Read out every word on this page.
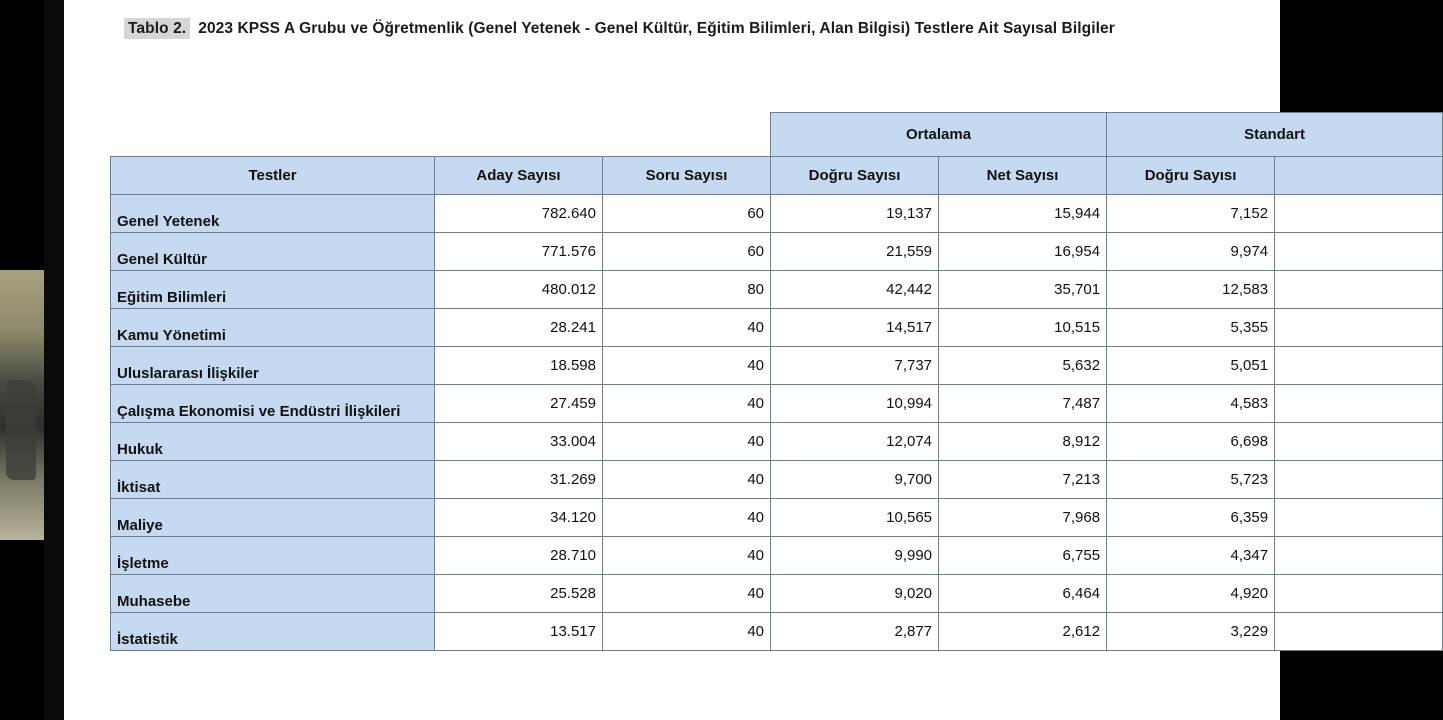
Tablo 2. 2023 KPSS A Grubu ve Öğretmenlik (Genel Yetenek - Genel Kültür, Eğitim Bilimleri, Alan Bilgisi) Testlere Ait Sayısal Bilgiler
			Ortalama		Standart	
Testler	Aday Sayısı	Soru Sayısı	Doğru Sayısı	Net Sayısı	Doğru Sayısı	
Genel Yetenek	782.640	60	19,137	15,944	7,152	
Genel Kültür	771.576	60	21,559	16,954	9,974	
Eğitim Bilimleri	480.012	80	42,442	35,701	12,583	
Kamu Yönetimi	28.241	40	14,517	10,515	5,355	
Uluslararası İlişkiler	18.598	40	7,737	5,632	5,051	
Çalışma Ekonomisi ve Endüstri İlişkileri	27.459	40	10,994	7,487	4,583	
Hukuk	33.004	40	12,074	8,912	6,698	
İktisat	31.269	40	9,700	7,213	5,723	
Maliye	34.120	40	10,565	7,968	6,359	
İşletme	28.710	40	9,990	6,755	4,347	
Muhasebe	25.528	40	9,020	6,464	4,920	
İstatistik	13.517	40	2,877	2,612	3,229	
